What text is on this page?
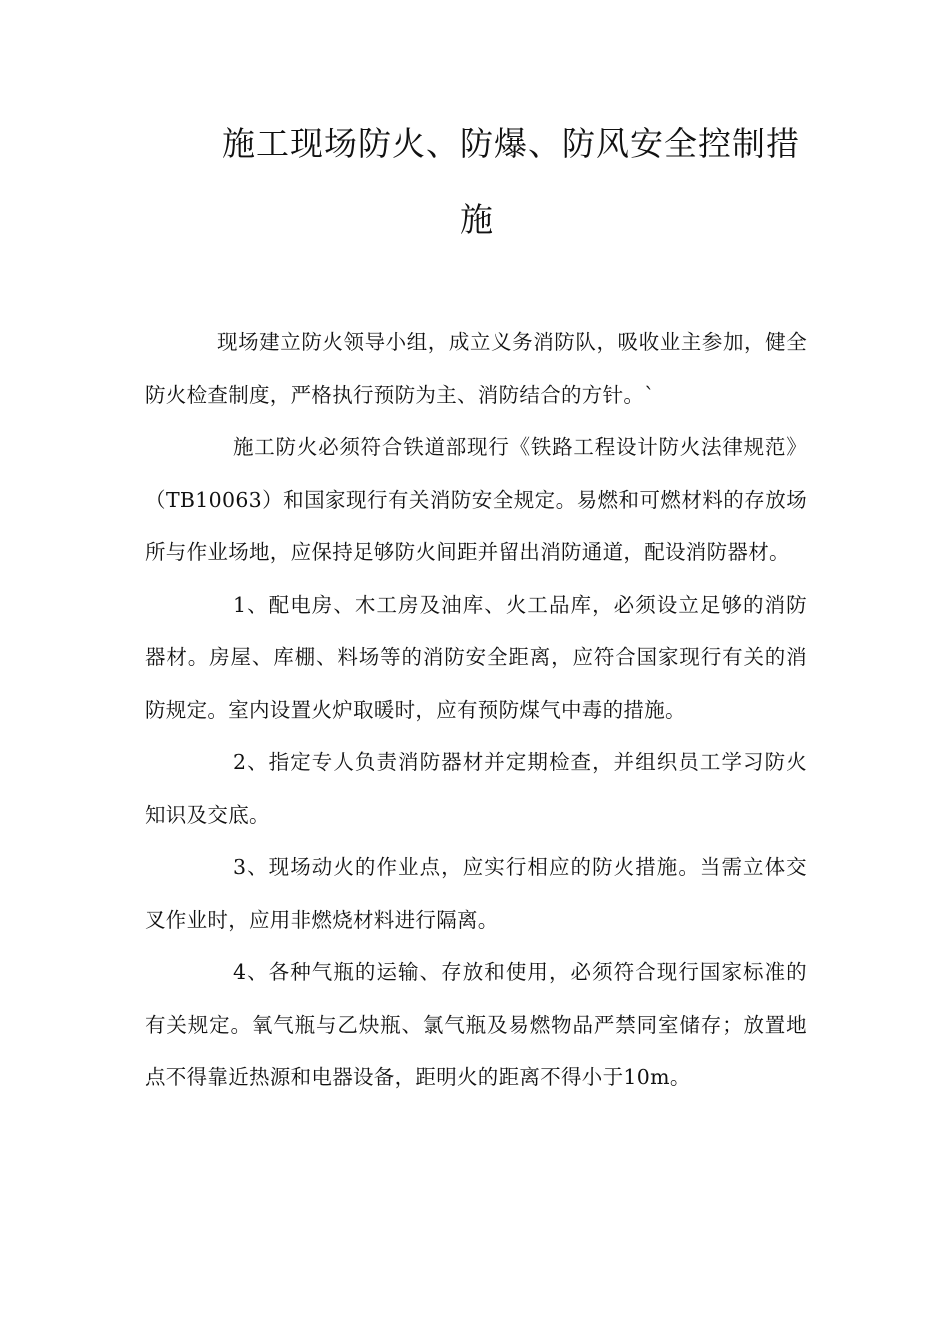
施工现场防火、防爆、防风安全控制措
施

现场建立防火领导小组，成立义务消防队，吸收业主参加，健全防火检查制度，严格执行预防为主、消防结合的方针。`

施工防火必须符合铁道部现行《铁路工程设计防火法律规范》（TB10063）和国家现行有关消防安全规定。易燃和可燃材料的存放场所与作业场地，应保持足够防火间距并留出消防通道，配设消防器材。

1、配电房、木工房及油库、火工品库，必须设立足够的消防器材。房屋、库棚、料场等的消防安全距离，应符合国家现行有关的消防规定。室内设置火炉取暖时，应有预防煤气中毒的措施。

2、指定专人负责消防器材并定期检查，并组织员工学习防火知识及交底。

3、现场动火的作业点，应实行相应的防火措施。当需立体交叉作业时，应用非燃烧材料进行隔离。

4、各种气瓶的运输、存放和使用，必须符合现行国家标准的有关规定。氧气瓶与乙炔瓶、氯气瓶及易燃物品严禁同室储存；放置地点不得靠近热源和电器设备，距明火的距离不得小于10m。
